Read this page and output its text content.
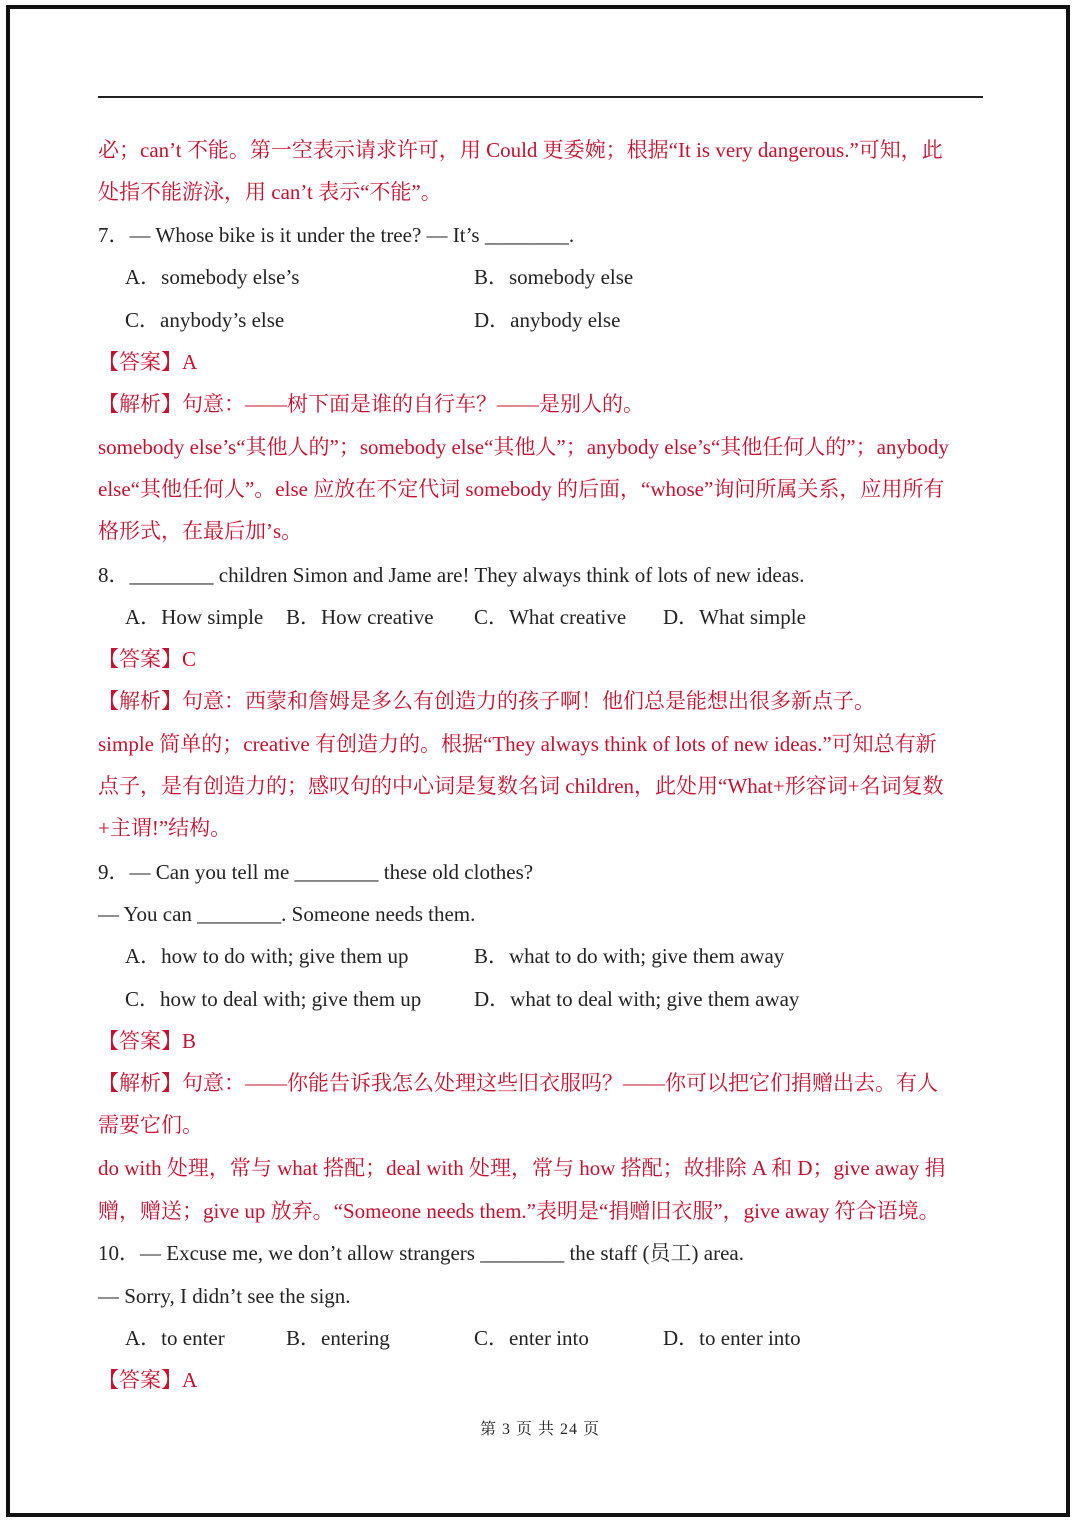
必；can’t 不能。第一空表示请求许可，用 Could 更委婉；根据“It is very dangerous.”可知，此
处指不能游泳，用 can’t 表示“不能”。
7．— Whose bike is it under the tree? — It’s ________.
A．somebody else’s	B．somebody else
C．anybody’s else	D．anybody else
【答案】A
【解析】句意：——树下面是谁的自行车？——是别人的。
somebody else’s“其他人的”；somebody else“其他人”；anybody else’s“其他任何人的”；anybody
else“其他任何人”。else 应放在不定代词 somebody 的后面，“whose”询问所属关系，应用所有
格形式，在最后加’s。
8．________ children Simon and Jame are! They always think of lots of new ideas.
A．How simple B．How creative C．What creative D．What simple
【答案】C
【解析】句意：西蒙和詹姆是多么有创造力的孩子啊！他们总是能想出很多新点子。
simple 简单的；creative 有创造力的。根据“They always think of lots of new ideas.”可知总有新
点子，是有创造力的；感叹句的中心词是复数名词 children，此处用“What+形容词+名词复数
+主谓!”结构。
9．— Can you tell me ________ these old clothes?
— You can ________. Someone needs them.
A．how to do with; give them up	B．what to do with; give them away
C．how to deal with; give them up	D．what to deal with; give them away
【答案】B
【解析】句意：——你能告诉我怎么处理这些旧衣服吗？——你可以把它们捐赠出去。有人
需要它们。
do with 处理，常与 what 搭配；deal with 处理，常与 how 搭配；故排除 A 和 D；give away 捐
赠，赠送；give up 放弃。“Someone needs them.”表明是“捐赠旧衣服”，give away 符合语境。
10．— Excuse me, we don’t allow strangers ________ the staff (员工) area.
— Sorry, I didn’t see the sign.
A．to enter	B．entering	C．enter into	D．to enter into
【答案】A
第 3 页 共 24 页
